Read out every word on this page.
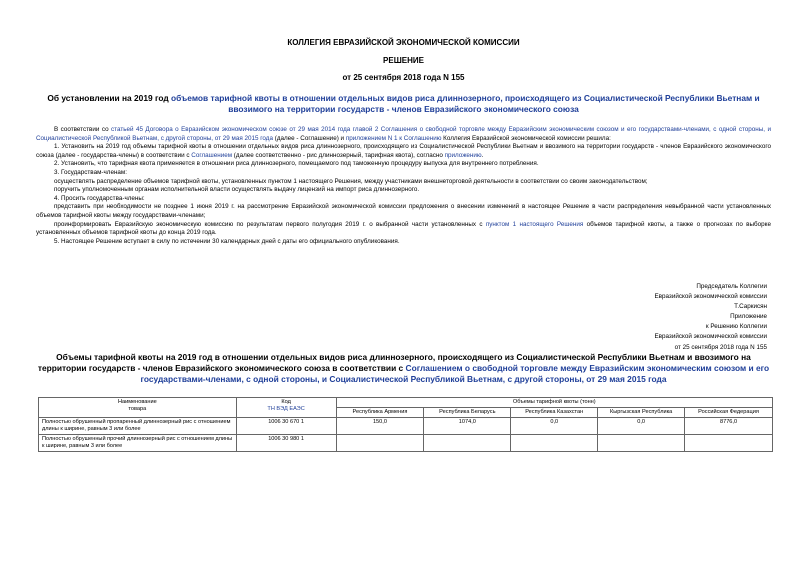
КОЛЛЕГИЯ ЕВРАЗИЙСКОЙ ЭКОНОМИЧЕСКОЙ КОМИССИИ
РЕШЕНИЕ
от 25 сентября 2018 года N 155
Об установлении на 2019 год объемов тарифной квоты в отношении отдельных видов риса длиннозерного, происходящего из Социалистической Республики Вьетнам и ввозимого на территории государств - членов Евразийского экономического союза

В соответствии со статьей 45 Договора о Евразийском экономическом союзе от 29 мая 2014 года главой 2 Соглашения о свободной торговле между Евразийским экономическим союзом и его государствами-членами, с одной стороны, и Социалистической Республикой Вьетнам, с другой стороны, от 29 мая 2015 года (далее - Соглашение) и приложением N 1 к Соглашению Коллегия Евразийской экономической комиссии решила:

1. Установить на 2019 год объемы тарифной квоты в отношении отдельных видов риса длиннозерного, происходящего из Социалистической Республики Вьетнам и ввозимого на территории государств - членов Евразийского экономического союза (далее - государства-члены) в соответствии с Соглашением (далее соответственно - рис длиннозерный, тарифная квота), согласно приложению.

2. Установить, что тарифная квота применяется в отношении риса длиннозерного, помещаемого под таможенную процедуру выпуска для внутреннего потребления.

3. Государствам-членам:

осуществлять распределение объемов тарифной квоты, установленных пунктом 1 настоящего Решения, между участниками внешнеторговой деятельности в соответствии со своим законодательством;

поручить уполномоченным органам исполнительной власти осуществлять выдачу лицензий на импорт риса длиннозерного.

4. Просить государства-члены:

представить при необходимости не позднее 1 июня 2019 г. на рассмотрение Евразийской экономической комиссии предложения о внесении изменений в настоящее Решение в части распределения невыбранной части установленных объемов тарифной квоты между государствами-членами;

проинформировать Евразийскую экономическую комиссию по результатам первого полугодия 2019 г. о выбранной части установленных с пунктом 1 настоящего Решения объемов тарифной квоты, а также о прогнозах по выборке установленных объемов тарифной квоты до конца 2019 года.

5. Настоящее Решение вступает в силу по истечении 30 календарных дней с даты его официального опубликования.

Председатель Коллегии
Евразийской экономической комиссии
Т.Саркисян
Приложение
к Решению Коллегии
Евразийской экономической комиссии
от 25 сентября 2018 года N 155
Объемы тарифной квоты на 2019 год в отношении отдельных видов риса длиннозерного, происходящего из Социалистической Республики Вьетнам и ввозимого на территории государств - членов Евразийского экономического союза в соответствии с Соглашением о свободной торговле между Евразийским экономическим союзом и его государствами-членами, с одной стороны, и Социалистической Республикой Вьетнам, с другой стороны, от 29 мая 2015 года
Наименование
товара	Код
ТН ВЭД ЕАЭС	Объемы тарифной квоты (тонн)				
		Республика Армения	Республика Беларусь	Республика Казахстан	Кыргызская Республика	Российская Федерация
Полностью обрушенный пропаренный длиннозерный рис с отношением длины к ширине, равным 3 или более	1006 30 670 1	150,0	1074,0	0,0	0,0	8776,0
Полностью обрушенный прочий длиннозерный рис с отношением длины к ширине, равным 3 или более	1006 30 980 1					
